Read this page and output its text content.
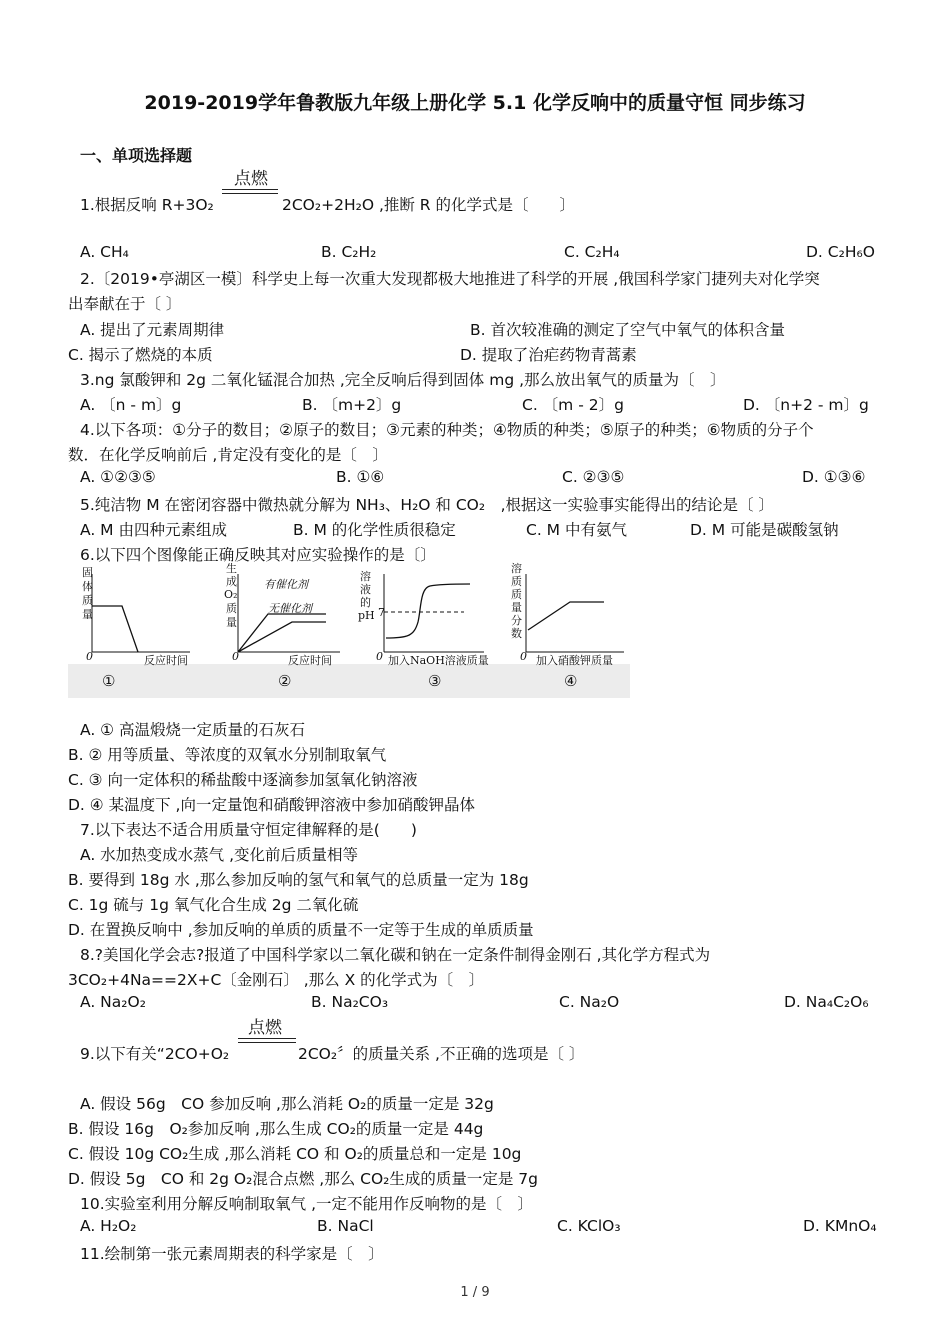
2019-2019学年鲁教版九年级上册化学 5.1 化学反响中的质量守恒 同步练习
一、单项选择题
点燃
1.根据反响 R+3O₂	2CO₂+2H₂O ,推断 R 的化学式是〔　　〕
A. CH₄	B. C₂H₂	C. C₂H₄	D. C₂H₆O
2.〔2019•亭湖区一模〕科学史上每一次重大发现都极大地推进了科学的开展 ,俄国科学家门捷列夫对化学突
出奉献在于〔 〕
A. 提出了元素周期律	B. 首次较准确的测定了空气中氧气的体积含量
C. 揭示了燃烧的本质	D. 提取了治疟药物青蒿素
3.ng 氯酸钾和 2g 二氧化锰混合加热 ,完全反响后得到固体 mg ,那么放出氧气的质量为〔　〕
A. 〔n - m〕g	B. 〔m+2〕g	C. 〔m - 2〕g	D. 〔n+2 - m〕g
4.以下各项：①分子的数目；②原子的数目；③元素的种类；④物质的种类；⑤原子的种类；⑥物质的分子个
数．在化学反响前后 ,肯定没有变化的是〔　〕
A. ①②③⑤	B. ①⑥	C. ②③⑤	D. ①③⑥
5.纯洁物 M 在密闭容器中微热就分解为 NH₃、H₂O 和 CO₂　,根据这一实验事实能得出的结论是〔 〕
A. M 由四种元素组成	B. M 的化学性质很稳定	C. M 中有氨气	D. M 可能是碳酸氢钠
6.以下四个图像能正确反映其对应实验操作的是〔〕
固
体
质
量
0	反应时间
①
生
成
O₂
质
量
有催化剂
无催化剂
0	反应时间
②
溶
液
的
pH 7
0 加入NaOH溶液质量
③
溶
质
质
量
分
数
0 加入硝酸钾质量
④
A. ① 高温煅烧一定质量的石灰石
B. ② 用等质量、等浓度的双氧水分别制取氧气
C. ③ 向一定体积的稀盐酸中逐滴参加氢氧化钠溶液
D. ④ 某温度下 ,向一定量饱和硝酸钾溶液中参加硝酸钾晶体
7.以下表达不适合用质量守恒定律解释的是(　　)
A. 水加热变成水蒸气 ,变化前后质量相等
B. 要得到 18g 水 ,那么参加反响的氢气和氧气的总质量一定为 18g
C. 1g 硫与 1g 氧气化合生成 2g 二氧化硫
D. 在置换反响中 ,参加反响的单质的质量不一定等于生成的单质质量
8.?美国化学会志?报道了中国科学家以二氧化碳和钠在一定条件制得金刚石 ,其化学方程式为
3CO₂+4Na==2X+C〔金刚石〕 ,那么 X 的化学式为〔　〕
A. Na₂O₂	B. Na₂CO₃	C. Na₂O	D. Na₄C₂O₆
点燃
9.以下有关“2CO+O₂	2CO₂〞的质量关系 ,不正确的选项是〔 〕
A. 假设 56g　CO 参加反响 ,那么消耗 O₂的质量一定是 32g
B. 假设 16g　O₂参加反响 ,那么生成 CO₂的质量一定是 44g
C. 假设 10g CO₂生成 ,那么消耗 CO 和 O₂的质量总和一定是 10g
D. 假设 5g　CO 和 2g O₂混合点燃 ,那么 CO₂生成的质量一定是 7g
10.实验室利用分解反响制取氧气 ,一定不能用作反响物的是〔　〕
A. H₂O₂	B. NaCl	C. KClO₃	D. KMnO₄
11.绘制第一张元素周期表的科学家是〔　〕
1 / 9
